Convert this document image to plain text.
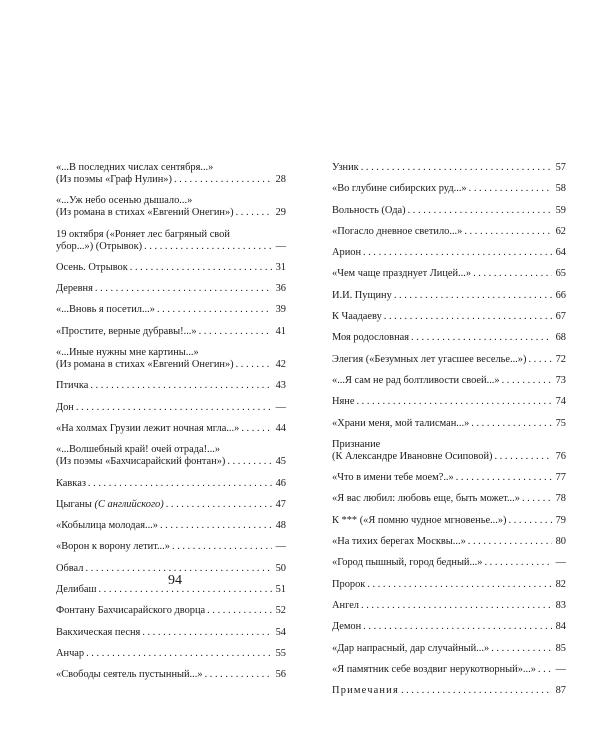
«...В последних числах сентября...»
(Из поэмы «Граф Нулин») . . .	28
«...Уж небо осенью дышало...»
(Из романа в стихах «Евгений Онегин») . . .	29
19 октября («Роняет лес багряный свой
убор...») (Отрывок) . . .	—
Осень. Отрывок . . .	31
Деревня . . .	36
«...Вновь я посетил...» . . .	39
«Простите, верные дубравы!...» . . .	41
«...Иные нужны мне картины...»
(Из романа в стихах «Евгений Онегин») . . .	42
Птичка . . .	43
Дон . . .	—
«На холмах Грузии лежит ночная мгла...» . . .	44
«...Волшебный край! очей отрада!...»
(Из поэмы «Бахчисарайский фонтан») . . .	45
Кавказ . . .	46
Цыганы (С английского) . . .	47
«Кобылица молодая...» . . .	48
«Ворон к ворону летит...» . . .	—
Обвал . . .	50
Делибаш . . .	51
Фонтану Бахчисарайского дворца . . .	52
Вакхическая песня . . .	54
Анчар . . .	55
«Свободы сеятель пустынный...» . . .	56
Узник . . .	57
«Во глубине сибирских руд...» . . .	58
Вольность (Ода) . . .	59
«Погасло дневное светило...» . . .	62
Арион . . .	64
«Чем чаще празднует Лицей...» . . .	65
И.И. Пущину . . .	66
К Чаадаеву . . .	67
Моя родословная . . .	68
Элегия («Безумных лет угасшее веселье...») . . .	72
«...Я сам не рад болтливости своей...» . . .	73
Няне . . .	74
«Храни меня, мой талисман...» . . .	75
Признание
(К Александре Ивановне Осиповой) . . .	76
«Что в имени тебе моем?..» . . .	77
«Я вас любил: любовь еще, быть может...» . . .	78
К *** («Я помню чудное мгновенье...») . . .	79
«На тихих берегах Москвы...» . . .	80
«Город пышный, город бедный...» . . .	—
Пророк . . .	82
Ангел . . .	83
Демон . . .	84
«Дар напрасный, дар случайный...» . . .	85
«Я памятник себе воздвиг нерукотворный»...» . . . —
Примечания . . .	87
94
